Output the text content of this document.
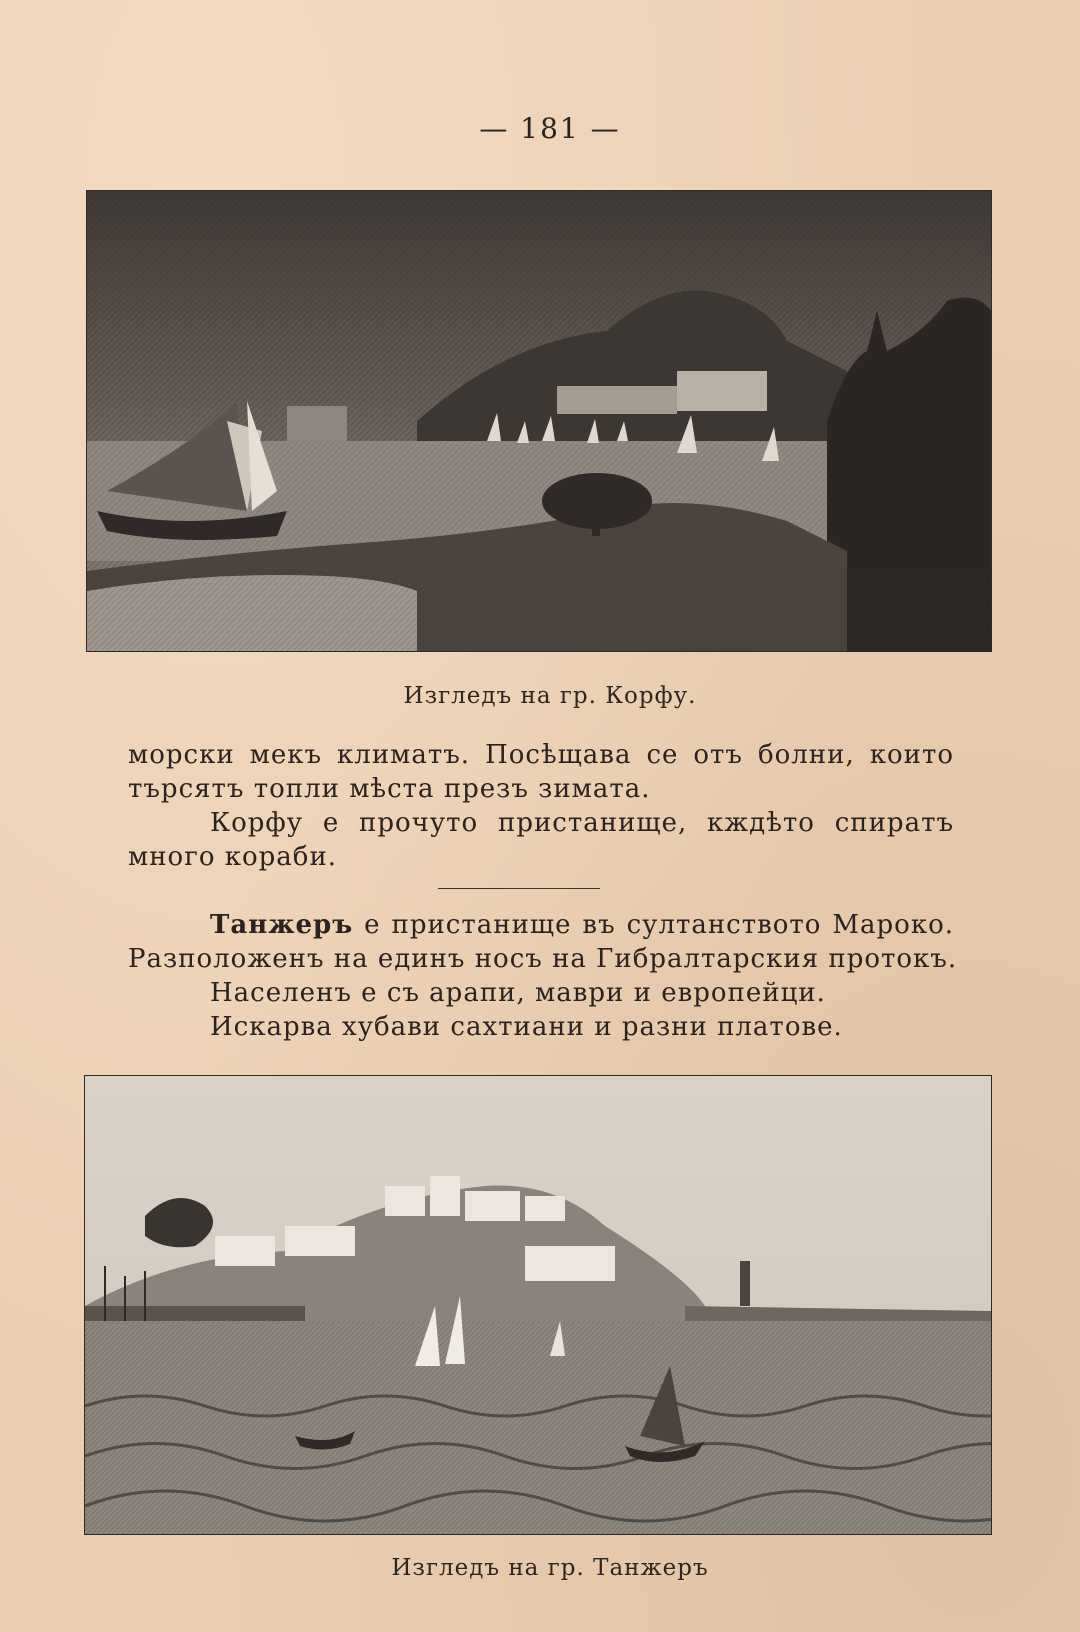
— 181 —
Изгледъ на гр. Корфу.
морски мекъ климатъ. Посѣщава се отъ болни, които
търсятъ топли мѣста презъ зимата.
Корфу е прочуто пристанище, кждѣто спиратъ
много кораби.
Танжеръ е пристанище въ султанството Мароко.
Разположенъ на единъ носъ на Гибралтарския протокъ.
Населенъ е съ арапи, маври и европейци.
Искарва хубави сахтиани и разни платове.
Изгледъ на гр. Танжеръ
